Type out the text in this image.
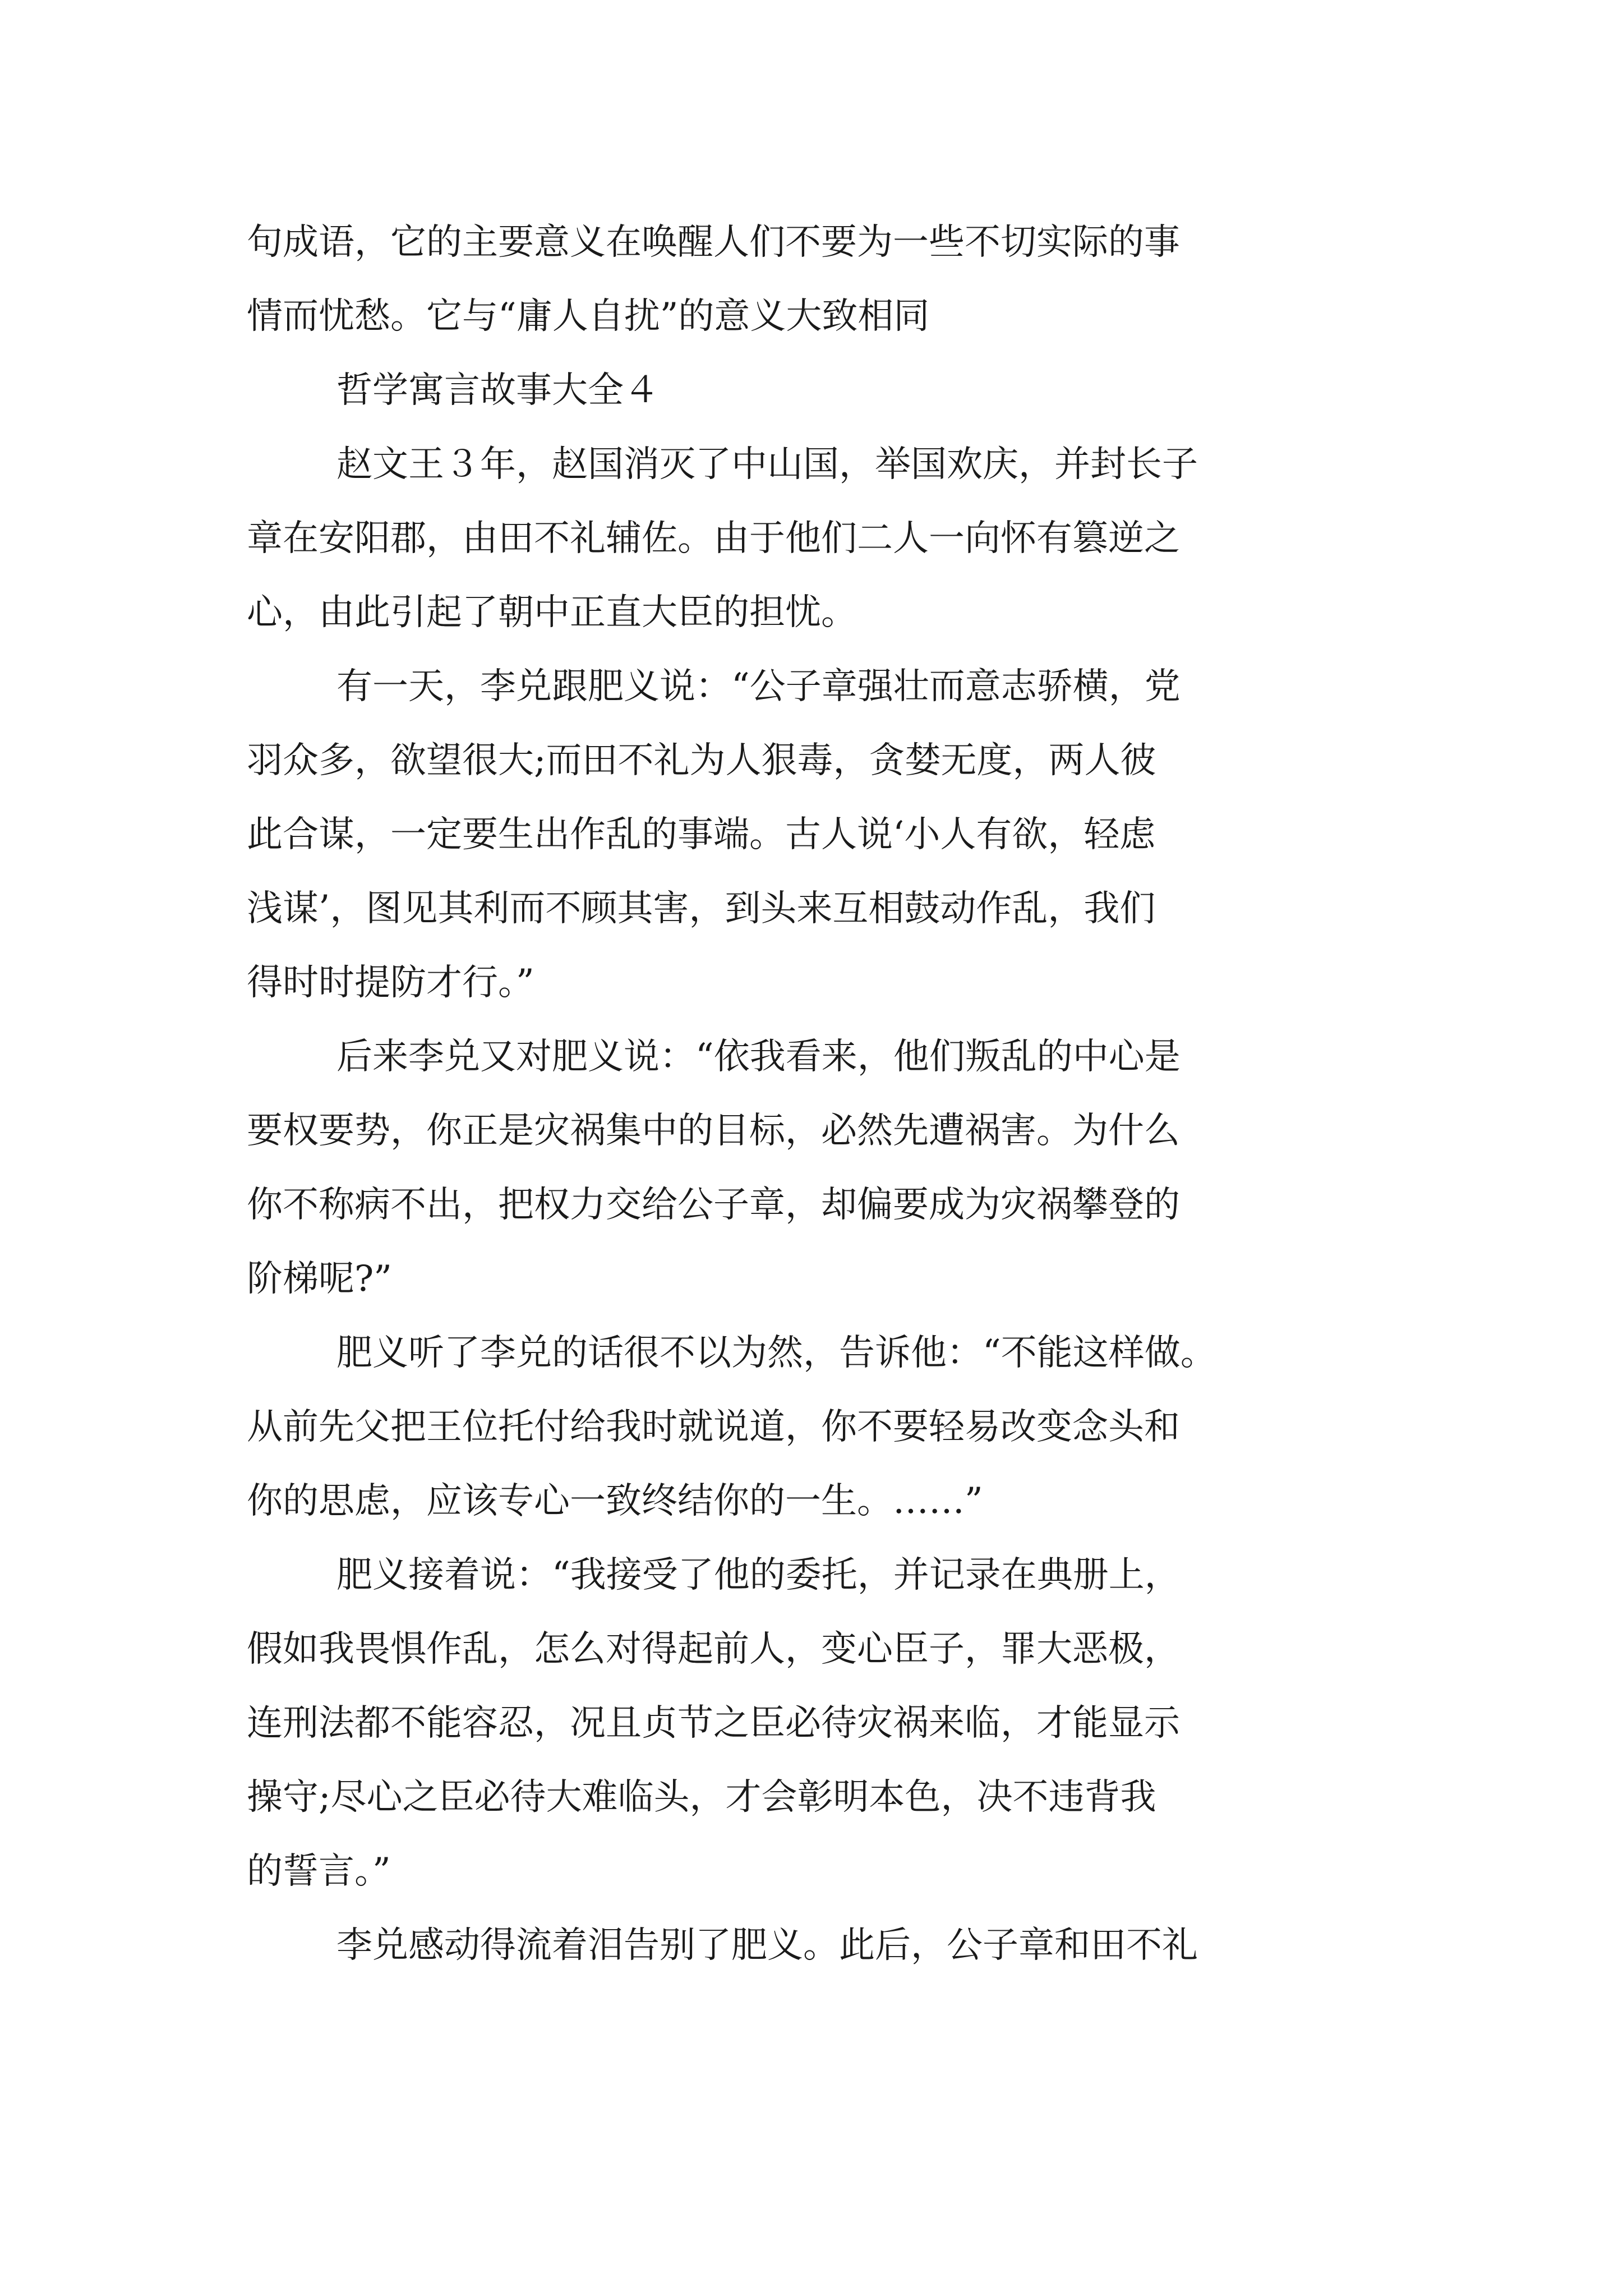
句成语，它的主要意义在唤醒人们不要为一些不切实际的事
情而忧愁。它与“庸人自扰”的意义大致相同
哲学寓言故事大全４
赵文王３年，赵国消灭了中山国，举国欢庆，并封长子
章在安阳郡，由田不礼辅佐。由于他们二人一向怀有篡逆之
心，由此引起了朝中正直大臣的担忧。
有一天，李兑跟肥义说：“公子章强壮而意志骄横，党
羽众多，欲望很大;而田不礼为人狠毒，贪婪无度，两人彼
此合谋，一定要生出作乱的事端。古人说‘小人有欲，轻虑
浅谋’，图见其利而不顾其害，到头来互相鼓动作乱，我们
得时时提防才行。”
后来李兑又对肥义说：“依我看来，他们叛乱的中心是
要权要势，你正是灾祸集中的目标，必然先遭祸害。为什么
你不称病不出，把权力交给公子章，却偏要成为灾祸攀登的
阶梯呢?”
肥义听了李兑的话很不以为然，告诉他：“不能这样做。
从前先父把王位托付给我时就说道，你不要轻易改变念头和
你的思虑，应该专心一致终结你的一生。……”
肥义接着说：“我接受了他的委托，并记录在典册上，
假如我畏惧作乱，怎么对得起前人，变心臣子，罪大恶极，
连刑法都不能容忍，况且贞节之臣必待灾祸来临，才能显示
操守;尽心之臣必待大难临头，才会彰明本色，决不违背我
的誓言。”
李兑感动得流着泪告别了肥义。此后，公子章和田不礼
